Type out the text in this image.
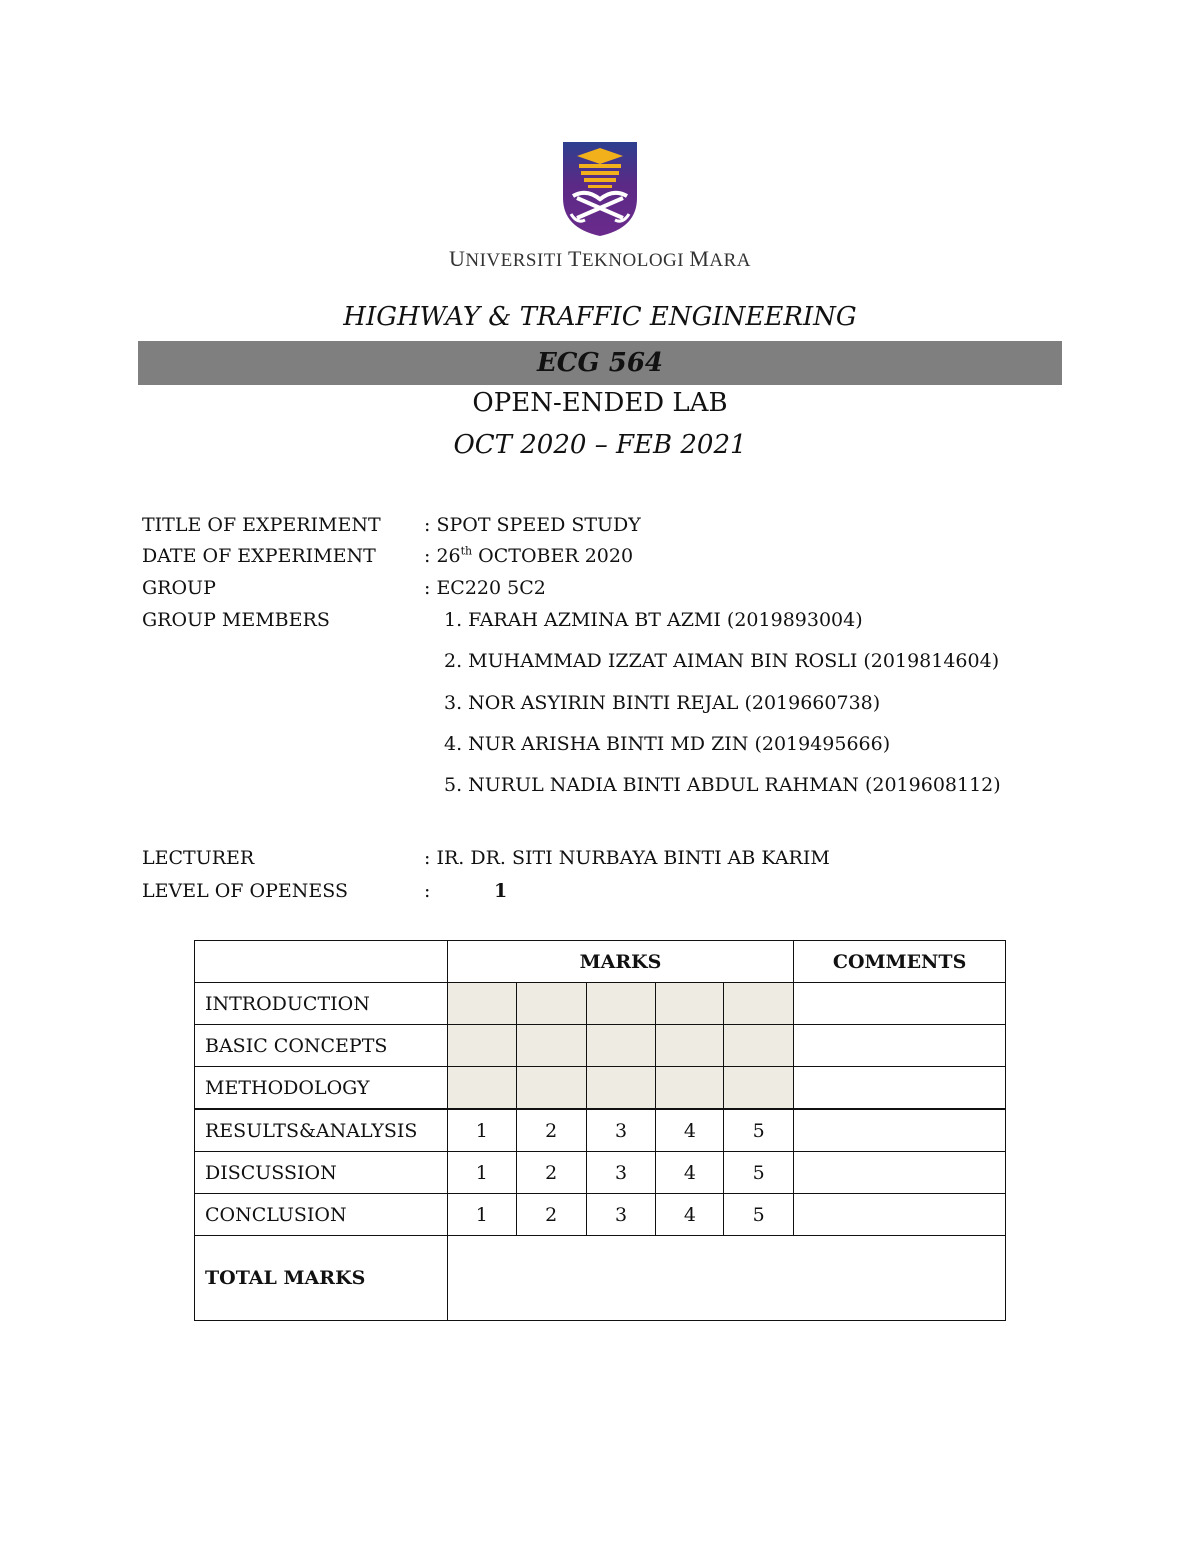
UNIVERSITI TEKNOLOGI MARA
HIGHWAY & TRAFFIC ENGINEERING
ECG 564
OPEN-ENDED LAB
OCT 2020 – FEB 2021
TITLE OF EXPERIMENT : SPOT SPEED STUDY
DATE OF EXPERIMENT	: 26th OCTOBER 2020
GROUP	: EC220 5C2
GROUP MEMBERS	1. FARAH AZMINA BT AZMI (2019893004)
2. MUHAMMAD IZZAT AIMAN BIN ROSLI (2019814604)
3. NOR ASYIRIN BINTI REJAL (2019660738)
4. NUR ARISHA BINTI MD ZIN (2019495666)
5. NURUL NADIA BINTI ABDUL RAHMAN (2019608112)
LECTURER	: IR. DR. SITI NURBAYA BINTI AB KARIM
LEVEL OF OPENESS	:	1
	MARKS					COMMENTS
INTRODUCTION						
BASIC CONCEPTS						
METHODOLOGY						
RESULTS&ANALYSIS	1	2	3	4	5	
DISCUSSION	1	2	3	4	5	
CONCLUSION	1	2	3	4	5	
TOTAL MARKS						
